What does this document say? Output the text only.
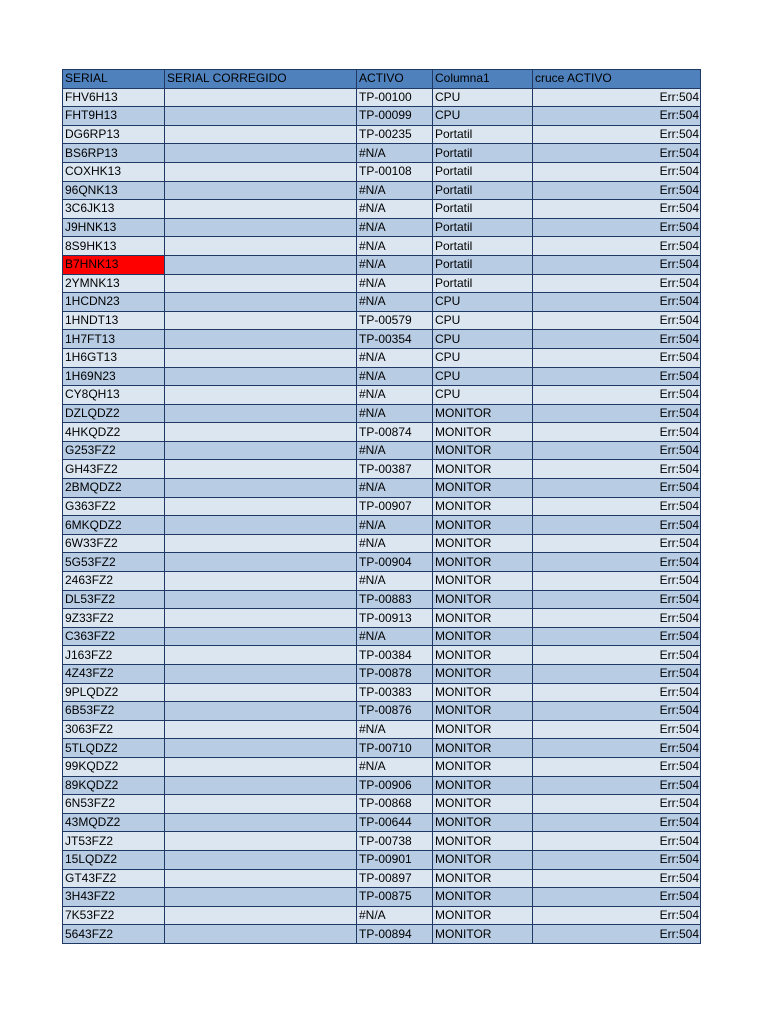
SERIAL	SERIAL CORREGIDO	ACTIVO	Columna1	cruce ACTIVO
FHV6H13		TP-00100	CPU	Err:504
FHT9H13		TP-00099	CPU	Err:504
DG6RP13		TP-00235	Portatil	Err:504
BS6RP13		#N/A	Portatil	Err:504
COXHK13		TP-00108	Portatil	Err:504
96QNK13		#N/A	Portatil	Err:504
3C6JK13		#N/A	Portatil	Err:504
J9HNK13		#N/A	Portatil	Err:504
8S9HK13		#N/A	Portatil	Err:504
B7HNK13		#N/A	Portatil	Err:504
2YMNK13		#N/A	Portatil	Err:504
1HCDN23		#N/A	CPU	Err:504
1HNDT13		TP-00579	CPU	Err:504
1H7FT13		TP-00354	CPU	Err:504
1H6GT13		#N/A	CPU	Err:504
1H69N23		#N/A	CPU	Err:504
CY8QH13		#N/A	CPU	Err:504
DZLQDZ2		#N/A	MONITOR	Err:504
4HKQDZ2		TP-00874	MONITOR	Err:504
G253FZ2		#N/A	MONITOR	Err:504
GH43FZ2		TP-00387	MONITOR	Err:504
2BMQDZ2		#N/A	MONITOR	Err:504
G363FZ2		TP-00907	MONITOR	Err:504
6MKQDZ2		#N/A	MONITOR	Err:504
6W33FZ2		#N/A	MONITOR	Err:504
5G53FZ2		TP-00904	MONITOR	Err:504
2463FZ2		#N/A	MONITOR	Err:504
DL53FZ2		TP-00883	MONITOR	Err:504
9Z33FZ2		TP-00913	MONITOR	Err:504
C363FZ2		#N/A	MONITOR	Err:504
J163FZ2		TP-00384	MONITOR	Err:504
4Z43FZ2		TP-00878	MONITOR	Err:504
9PLQDZ2		TP-00383	MONITOR	Err:504
6B53FZ2		TP-00876	MONITOR	Err:504
3063FZ2		#N/A	MONITOR	Err:504
5TLQDZ2		TP-00710	MONITOR	Err:504
99KQDZ2		#N/A	MONITOR	Err:504
89KQDZ2		TP-00906	MONITOR	Err:504
6N53FZ2		TP-00868	MONITOR	Err:504
43MQDZ2		TP-00644	MONITOR	Err:504
JT53FZ2		TP-00738	MONITOR	Err:504
15LQDZ2		TP-00901	MONITOR	Err:504
GT43FZ2		TP-00897	MONITOR	Err:504
3H43FZ2		TP-00875	MONITOR	Err:504
7K53FZ2		#N/A	MONITOR	Err:504
5643FZ2		TP-00894	MONITOR	Err:504
